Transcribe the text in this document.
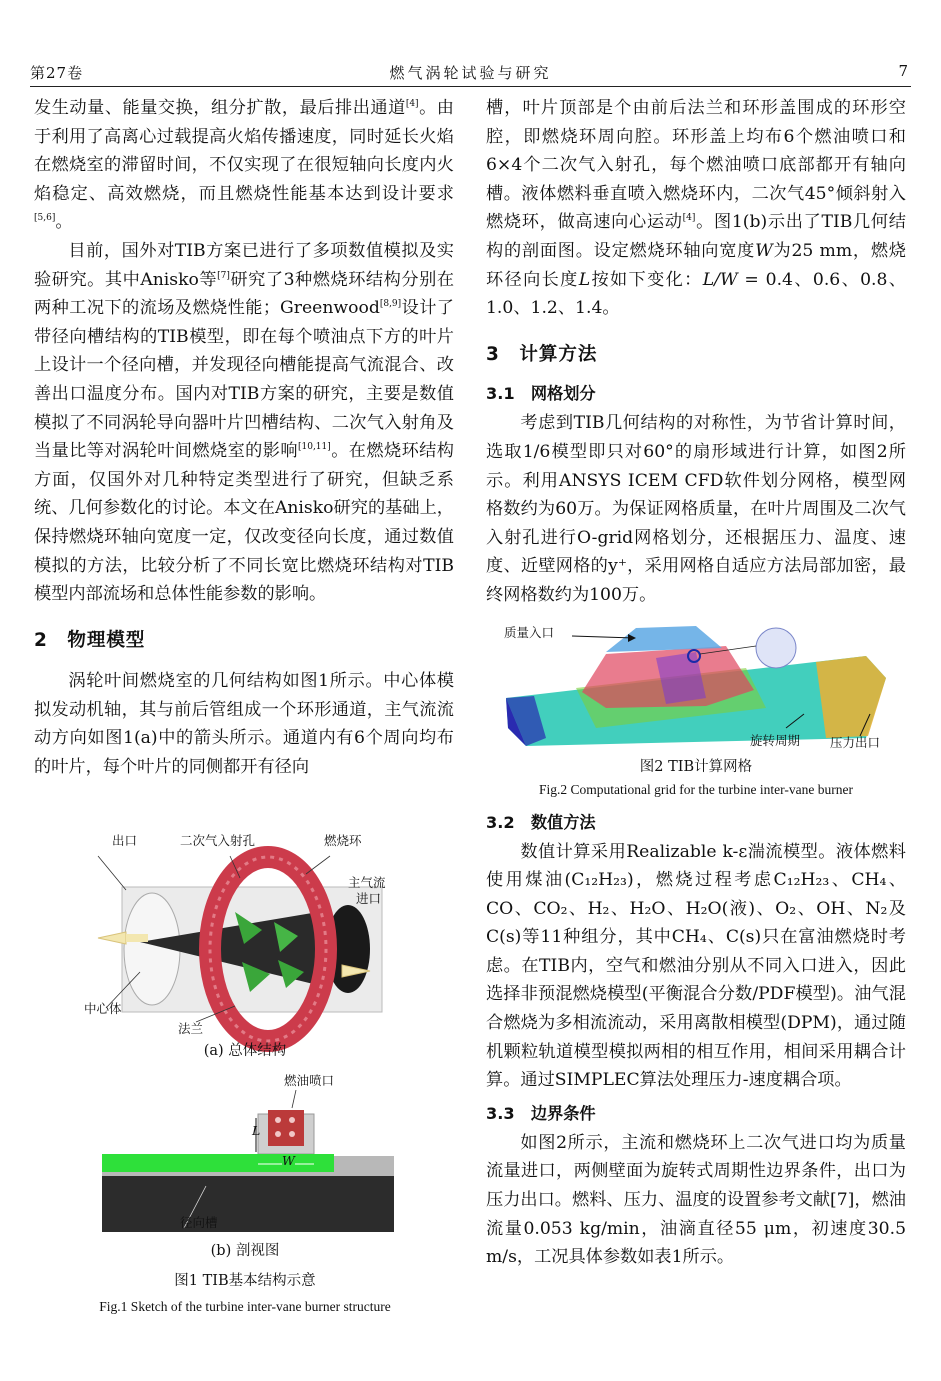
第27卷	燃气涡轮试验与研究	7

发生动量、能量交换，组分扩散，最后排出通道[4]。由于利用了高离心过载提高火焰传播速度，同时延长火焰在燃烧室的滞留时间，不仅实现了在很短轴向长度内火焰稳定、高效燃烧，而且燃烧性能基本达到设计要求[5,6]。

目前，国外对TIB方案已进行了多项数值模拟及实验研究。其中Anisko等[7]研究了3种燃烧环结构分别在两种工况下的流场及燃烧性能；Greenwood[8,9]设计了带径向槽结构的TIB模型，即在每个喷油点下方的叶片上设计一个径向槽，并发现径向槽能提高气流混合、改善出口温度分布。国内对TIB方案的研究，主要是数值模拟了不同涡轮导向器叶片凹槽结构、二次气入射角及当量比等对涡轮叶间燃烧室的影响[10,11]。在燃烧环结构方面，仅国外对几种特定类型进行了研究，但缺乏系统、几何参数化的讨论。本文在Anisko研究的基础上，保持燃烧环轴向宽度一定，仅改变径向长度，通过数值模拟的方法，比较分析了不同长宽比燃烧环结构对TIB模型内部流场和总体性能参数的影响。

2　物理模型

涡轮叶间燃烧室的几何结构如图1所示。中心体模拟发动机轴，其与前后管组成一个环形通道，主气流流动方向如图1(a)中的箭头所示。通道内有6个周向均布的叶片，每个叶片的同侧都开有径向

出口	二次气入射孔	燃烧环
主气流
进口
中心体
法兰
(a) 总体结构
燃油喷口
L
W
径向槽
(b) 剖视图
图1 TIB基本结构示意
Fig.1 Sketch of the turbine inter-vane burner structure

槽，叶片顶部是个由前后法兰和环形盖围成的环形空腔，即燃烧环周向腔。环形盖上均布6个燃油喷口和6×4个二次气入射孔，每个燃油喷口底部都开有轴向槽。液体燃料垂直喷入燃烧环内，二次气45°倾斜射入燃烧环，做高速向心运动[4]。图1(b)示出了TIB几何结构的剖面图。设定燃烧环轴向宽度W为25 mm，燃烧环径向长度L按如下变化：L/W = 0.4、0.6、0.8、1.0、1.2、1.4。

3　计算方法
3.1　网格划分

考虑到TIB几何结构的对称性，为节省计算时间，选取1/6模型即只对60°的扇形域进行计算，如图2所示。利用ANSYS ICEM CFD软件划分网格，模型网格数约为60万。为保证网格质量，在叶片周围及二次气入射孔进行O-grid网格划分，还根据压力、温度、速度、近壁网格的y⁺，采用网格自适应方法局部加密，最终网格数约为100万。

质量入口
旋转周期 压力出口
图2 TIB计算网格
Fig.2 Computational grid for the turbine inter-vane burner
3.2　数值方法

数值计算采用Realizable k-ε湍流模型。液体燃料使用煤油(C₁₂H₂₃)，燃烧过程考虑C₁₂H₂₃、CH₄、CO、CO₂、H₂、H₂O、H₂O(液)、O₂、OH、N₂及C(s)等11种组分，其中CH₄、C(s)只在富油燃烧时考虑。在TIB内，空气和燃油分别从不同入口进入，因此选择非预混燃烧模型(平衡混合分数/PDF模型)。油气混合燃烧为多相流流动，采用离散相模型(DPM)，通过随机颗粒轨道模型模拟两相的相互作用，相间采用耦合计算。通过SIMPLEC算法处理压力-速度耦合项。

3.3　边界条件

如图2所示，主流和燃烧环上二次气进口均为质量流量进口，两侧壁面为旋转式周期性边界条件，出口为压力出口。燃料、压力、温度的设置参考文献[7]，燃油流量0.053 kg/min，油滴直径55 μm，初速度30.5 m/s，工况具体参数如表1所示。
